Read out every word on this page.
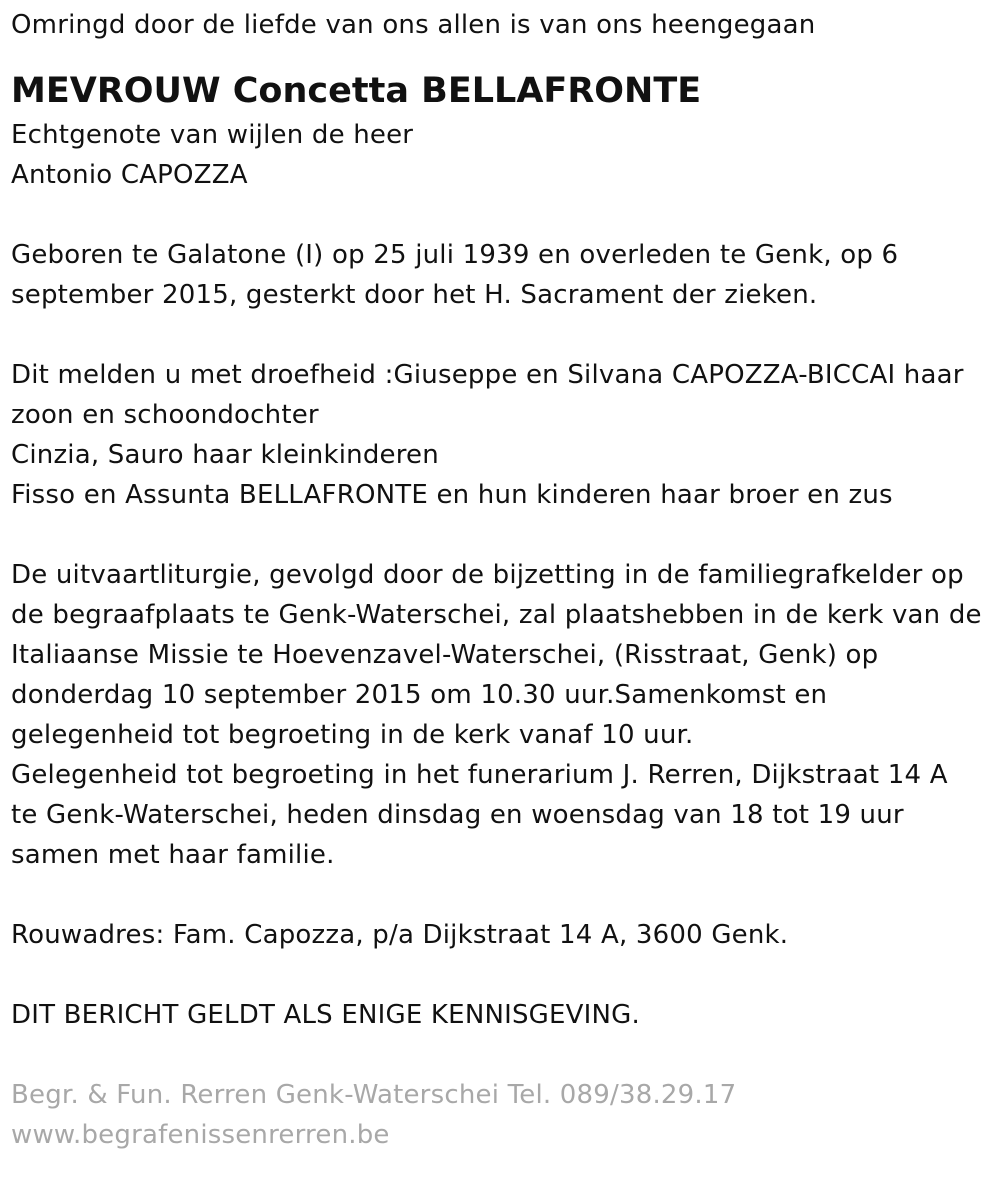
Omringd door de liefde van ons allen is van ons heengegaan
MEVROUW Concetta BELLAFRONTE
Echtgenote van wijlen de heer
Antonio CAPOZZA
Geboren te Galatone (I) op 25 juli 1939 en overleden te Genk, op 6
september 2015, gesterkt door het H. Sacrament der zieken.
Dit melden u met droefheid :Giuseppe en Silvana CAPOZZA-BICCAI haar
zoon en schoondochter
Cinzia, Sauro haar kleinkinderen
Fisso en Assunta BELLAFRONTE en hun kinderen haar broer en zus
De uitvaartliturgie, gevolgd door de bijzetting in de familiegrafkelder op
de begraafplaats te Genk-Waterschei, zal plaatshebben in de kerk van de
Italiaanse Missie te Hoevenzavel-Waterschei, (Risstraat, Genk) op
donderdag 10 september 2015 om 10.30 uur.Samenkomst en
gelegenheid tot begroeting in de kerk vanaf 10 uur.
Gelegenheid tot begroeting in het funerarium J. Rerren, Dijkstraat 14 A
te Genk-Waterschei, heden dinsdag en woensdag van 18 tot 19 uur
samen met haar familie.
Rouwadres: Fam. Capozza, p/a Dijkstraat 14 A, 3600 Genk.
DIT BERICHT GELDT ALS ENIGE KENNISGEVING.
Begr. & Fun. Rerren Genk-Waterschei Tel. 089/38.29.17
www.begrafenissenrerren.be
